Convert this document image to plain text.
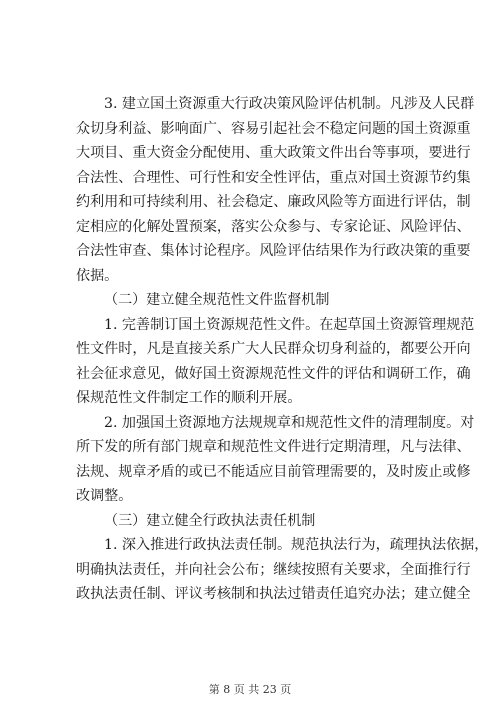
3. 建立国土资源重大行政决策风险评估机制。凡涉及人民群
众切身利益、影响面广、容易引起社会不稳定问题的国土资源重
大项目、重大资金分配使用、重大政策文件出台等事项，要进行
合法性、合理性、可行性和安全性评估，重点对国土资源节约集
约利用和可持续利用、社会稳定、廉政风险等方面进行评估，制
定相应的化解处置预案，落实公众参与、专家论证、风险评估、
合法性审查、集体讨论程序。风险评估结果作为行政决策的重要
依据。
（二）建立健全规范性文件监督机制
1. 完善制订国土资源规范性文件。在起草国土资源管理规范
性文件时，凡是直接关系广大人民群众切身利益的，都要公开向
社会征求意见，做好国土资源规范性文件的评估和调研工作，确
保规范性文件制定工作的顺利开展。
2. 加强国土资源地方法规规章和规范性文件的清理制度。对
所下发的所有部门规章和规范性文件进行定期清理，凡与法律、
法规、规章矛盾的或已不能适应目前管理需要的，及时废止或修
改调整。
（三）建立健全行政执法责任机制
1. 深入推进行政执法责任制。规范执法行为，疏理执法依据，
明确执法责任，并向社会公布；继续按照有关要求，全面推行行
政执法责任制、评议考核制和执法过错责任追究办法；建立健全
第 8 页 共 23 页
